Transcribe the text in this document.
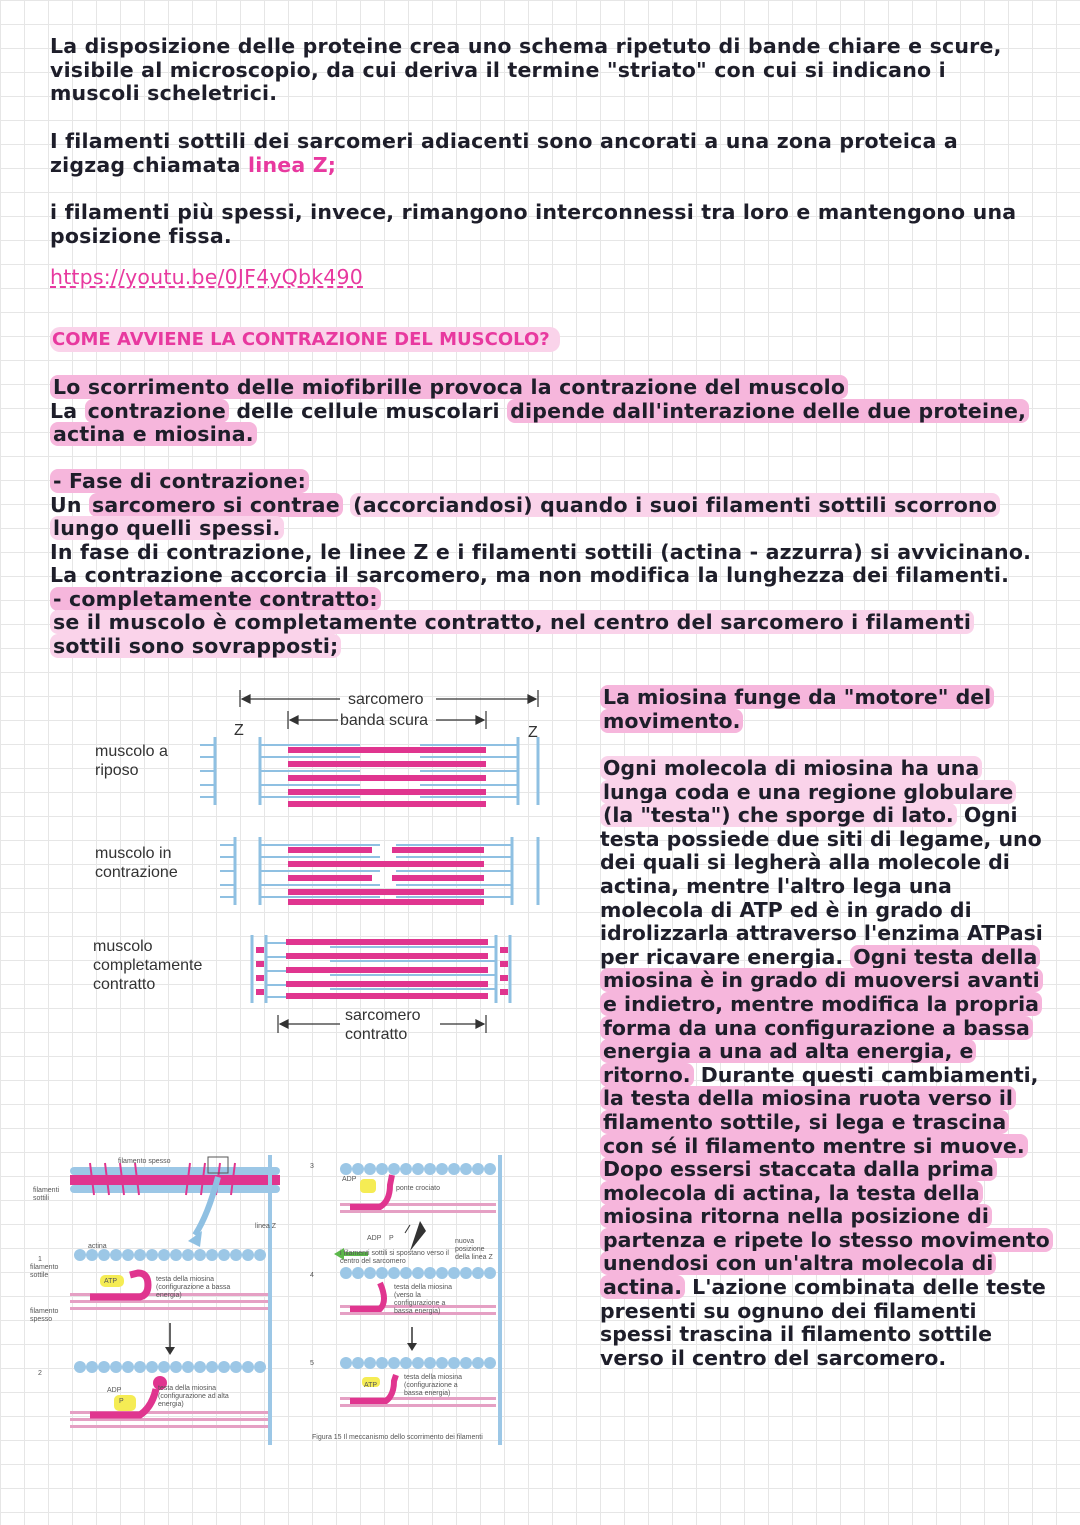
La disposizione delle proteine crea uno schema ripetuto di bande chiare e scure, visibile al microscopio, da cui deriva il termine "striato" con cui si indicano i muscoli scheletrici.
I filamenti sottili dei sarcomeri adiacenti sono ancorati a una zona proteica a zigzag chiamata linea Z;
i filamenti più spessi, invece, rimangono interconnessi tra loro e mantengono una posizione fissa.
https://youtu.be/0JF4yQbk490
COME AVVIENE LA CONTRAZIONE DEL MUSCOLO?
Lo scorrimento delle miofibrille provoca la contrazione del muscolo
La contrazione delle cellule muscolari dipende dall'interazione delle due proteine, actina e miosina.
- Fase di contrazione:
Un sarcomero si contrae (accorciandosi) quando i suoi filamenti sottili scorrono lungo quelli spessi.
In fase di contrazione, le linee Z e i filamenti sottili (actina - azzurra) si avvicinano.
La contrazione accorcia il sarcomero, ma non modifica la lunghezza dei filamenti.
- completamente contratto:
se il muscolo è completamente contratto, nel centro del sarcomero i filamenti sottili sono sovrapposti;
sarcomero
banda scura
Z	Z
muscolo a riposo
muscolo in contrazione
muscolo completamente contratto
sarcomero contratto
filamento spesso
filamenti sottili
linea Z
actina
filamento sottile
filamento spesso
ATP	testa della miosina (configurazione a bassa energia)
ADP
P
testa della miosina (configurazione ad alta energia)
ponte crociato
ADP
ADP P
i filamenti sottili si spostano verso il centro del sarcomero
nuova posizione della linea Z
testa della miosina (verso la configurazione a bassa energia)
ATP
testa della miosina (configurazione a bassa energia)
1
2
3
4
5
Figura 15 Il meccanismo dello scorrimento dei filamenti
La miosina funge da "motore" del movimento.
Ogni molecola di miosina ha una lunga coda e una regione globulare (la "testa") che sporge di lato. Ogni testa possiede due siti di legame, uno dei quali si legherà alla molecole di actina, mentre l'altro lega una molecola di ATP ed è in grado di idrolizzarla attraverso l'enzima ATPasi per ricavare energia. Ogni testa della miosina è in grado di muoversi avanti e indietro, mentre modifica la propria forma da una configurazione a bassa energia a una ad alta energia, e ritorno. Durante questi cambiamenti, la testa della miosina ruota verso il filamento sottile, si lega e trascina con sé il filamento mentre si muove. Dopo essersi staccata dalla prima molecola di actina, la testa della miosina ritorna nella posizione di partenza e ripete lo stesso movimento unendosi con un'altra molecola di actina. L'azione combinata delle teste presenti su ognuno dei filamenti spessi trascina il filamento sottile verso il centro del sarcomero.
